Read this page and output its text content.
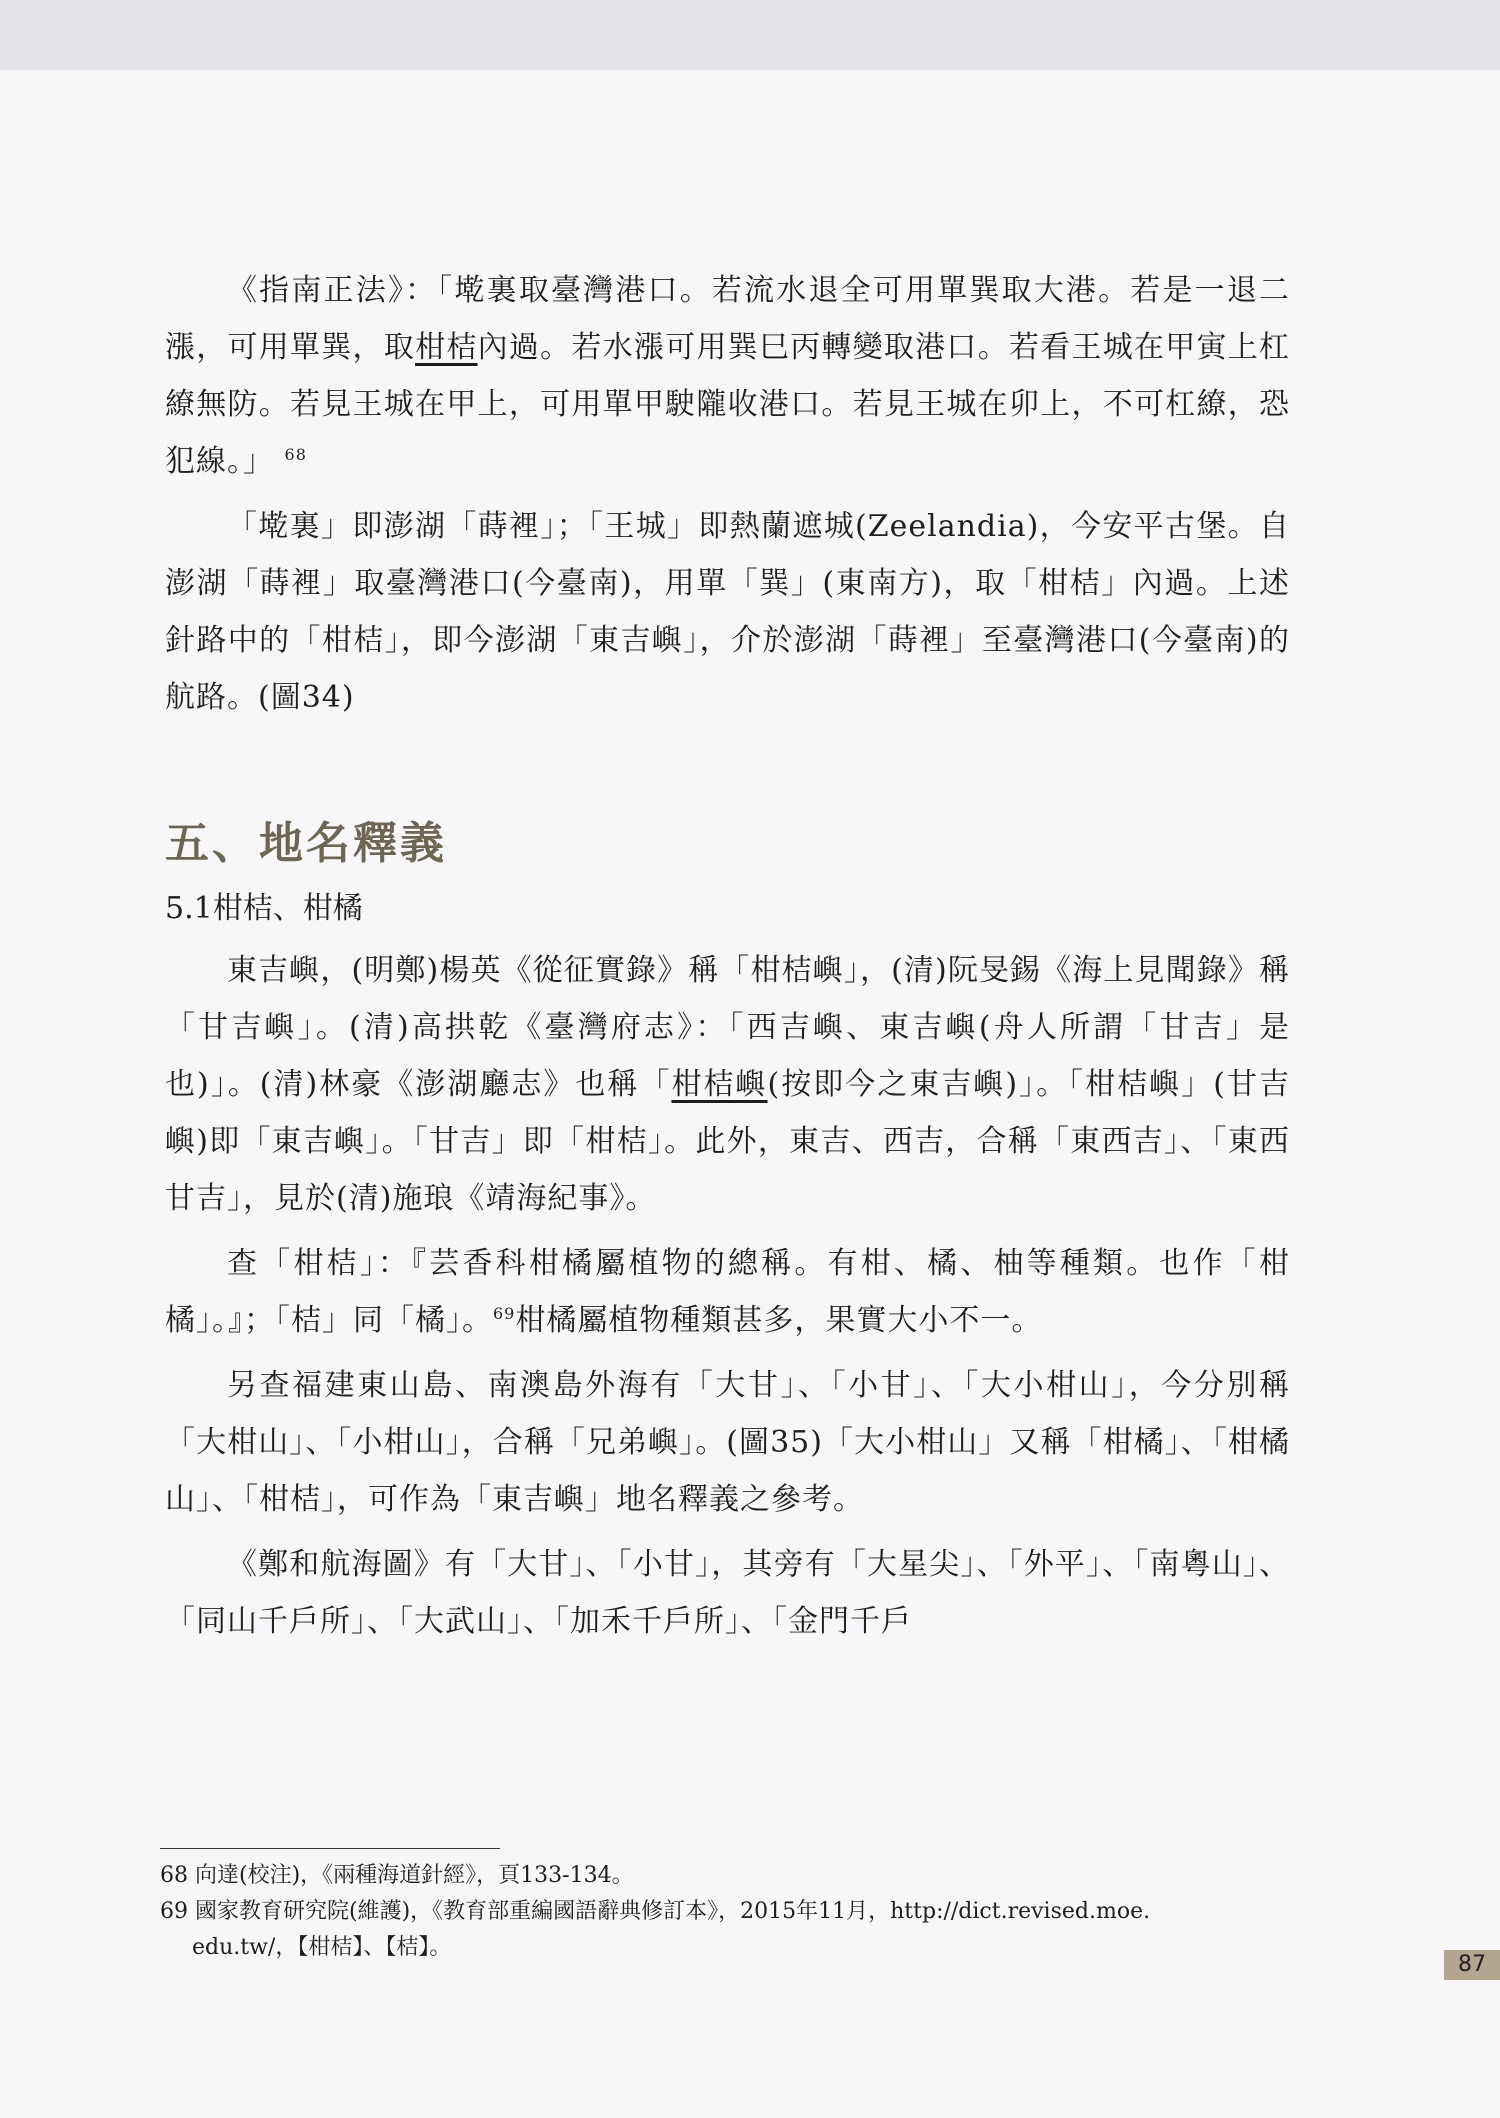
《指南正法》：「墘裏取臺灣港口。若流水退全可用單巽取大港。若是一退二漲，可用單巽，取柑桔內過。若水漲可用巽巳丙轉變取港口。若看王城在甲寅上杠繚無防。若見王城在甲上，可用單甲駛隴收港口。若見王城在卯上，不可杠繚，恐犯線。」 $^{68}$

「墘裏」即澎湖「蒔裡」；「王城」即熱蘭遮城(Zeelandia)，今安平古堡。自澎湖「蒔裡」取臺灣港口(今臺南)，用單「巽」(東南方)，取「柑桔」內過。上述針路中的「柑桔」，即今澎湖「東吉嶼」，介於澎湖「蒔裡」至臺灣港口(今臺南)的航路。(圖34)

五、地名釋義
5.1柑桔、柑橘

東吉嶼，(明鄭)楊英《從征實錄》稱「柑桔嶼」，(清)阮旻錫《海上見聞錄》稱「甘吉嶼」。(清)高拱乾《臺灣府志》：「西吉嶼、東吉嶼(舟人所謂「甘吉」是也)」。(清)林豪《澎湖廳志》也稱「柑桔嶼(按即今之東吉嶼)」。「柑桔嶼」(甘吉嶼)即「東吉嶼」。「甘吉」即「柑桔」。此外，東吉、西吉，合稱「東西吉」、「東西甘吉」，見於(清)施琅《靖海紀事》。

查「柑桔」：『芸香科柑橘屬植物的總稱。有柑、橘、柚等種類。也作「柑橘」。』；「桔」同「橘」。$^{69}$柑橘屬植物種類甚多，果實大小不一。

另查福建東山島、南澳島外海有「大甘」、「小甘」、「大小柑山」，今分別稱「大柑山」、「小柑山」，合稱「兄弟嶼」。(圖35)「大小柑山」又稱「柑橘」、「柑橘山」、「柑桔」，可作為「東吉嶼」地名釋義之參考。

《鄭和航海圖》有「大甘」、「小甘」，其旁有「大星尖」、「外平」、「南粵山」、「同山千戶所」、「大武山」、「加禾千戶所」、「金門千戶

68 向達(校注)，《兩種海道針經》，頁133-134。

69 國家教育研究院(維護)，《教育部重編國語辭典修訂本》，2015年11月，http://dict.revised.moe.

edu.tw/，【柑桔】、【桔】。

87
